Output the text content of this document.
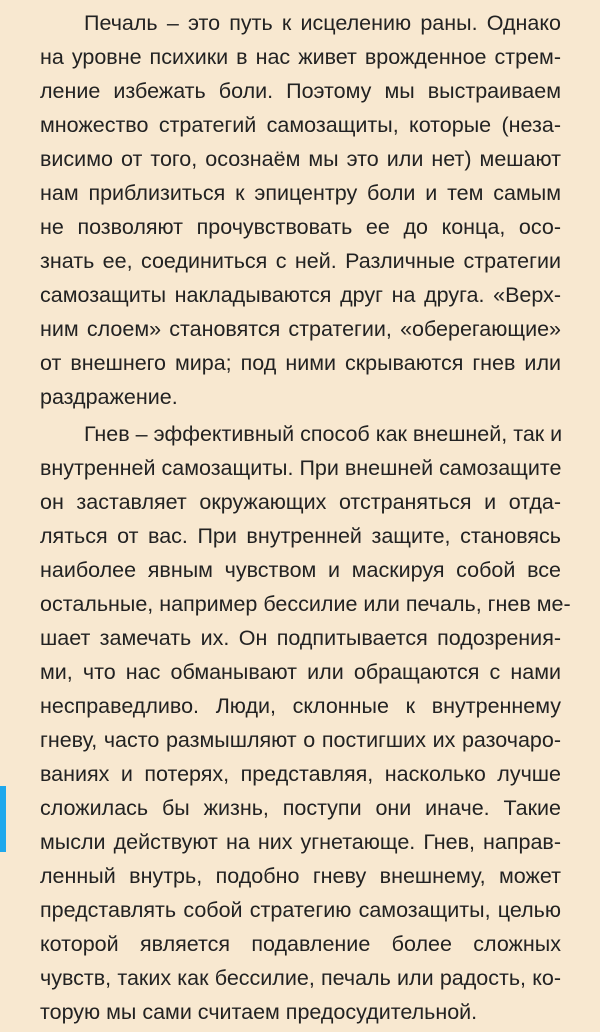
Печаль – это путь к исцелению раны. Однако
на уровне психики в нас живет врожденное стрем-
ление избежать боли. Поэтому мы выстраиваем
множество стратегий самозащиты, которые (неза-
висимо от того, осознаём мы это или нет) мешают
нам приблизиться к эпицентру боли и тем самым
не позволяют прочувствовать ее до конца, осо-
знать ее, соединиться с ней. Различные стратегии
самозащиты накладываются друг на друга. «Верх-
ним слоем» становятся стратегии, «оберегающие»
от внешнего мира; под ними скрываются гнев или
раздражение.
Гнев – эффективный способ как внешней, так и
внутренней самозащиты. При внешней самозащите
он заставляет окружающих отстраняться и отда-
ляться от вас. При внутренней защите, становясь
наиболее явным чувством и маскируя собой все
остальные, например бессилие или печаль, гнев ме-
шает замечать их. Он подпитывается подозрения-
ми, что нас обманывают или обращаются с нами
несправедливо. Люди, склонные к внутреннему
гневу, часто размышляют о постигших их разочаро-
ваниях и потерях, представляя, насколько лучше
сложилась бы жизнь, поступи они иначе. Такие
мысли действуют на них угнетающе. Гнев, направ-
ленный внутрь, подобно гневу внешнему, может
представлять собой стратегию самозащиты, целью
которой является подавление более сложных
чувств, таких как бессилие, печаль или радость, ко-
торую мы сами считаем предосудительной.
